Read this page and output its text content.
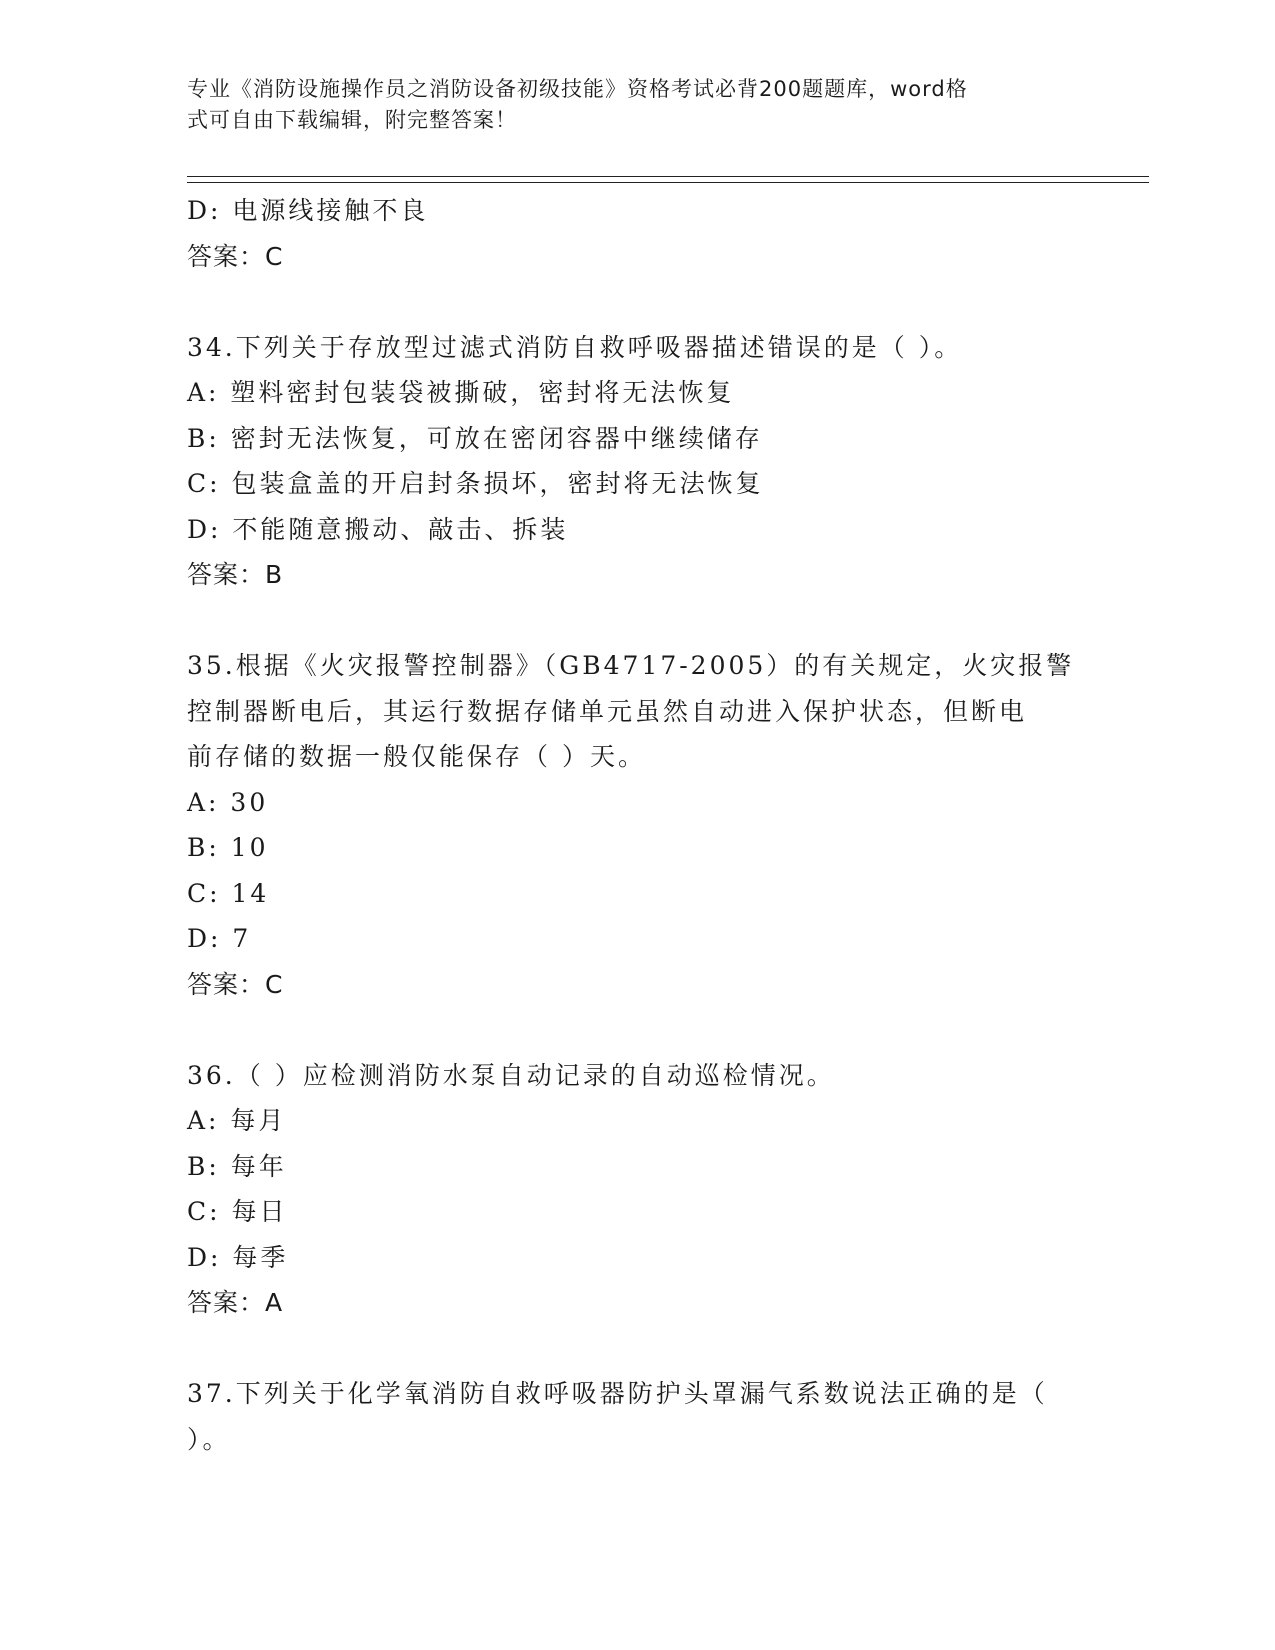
专业《消防设施操作员之消防设备初级技能》资格考试必背200题题库，word格
式可自由下载编辑，附完整答案！
D: 电源线接触不良
答案：C
34.下列关于存放型过滤式消防自救呼吸器描述错误的是（ ）。
A: 塑料密封包装袋被撕破，密封将无法恢复
B: 密封无法恢复，可放在密闭容器中继续储存
C: 包装盒盖的开启封条损坏，密封将无法恢复
D: 不能随意搬动、敲击、拆装
答案：B
35.根据《火灾报警控制器》（GB4717-2005）的有关规定，火灾报警
控制器断电后，其运行数据存储单元虽然自动进入保护状态，但断电
前存储的数据一般仅能保存（ ）天。
A: 30
B: 10
C: 14
D: 7
答案：C
36.（ ）应检测消防水泵自动记录的自动巡检情况。
A: 每月
B: 每年
C: 每日
D: 每季
答案：A
37.下列关于化学氧消防自救呼吸器防护头罩漏气系数说法正确的是（
）。
